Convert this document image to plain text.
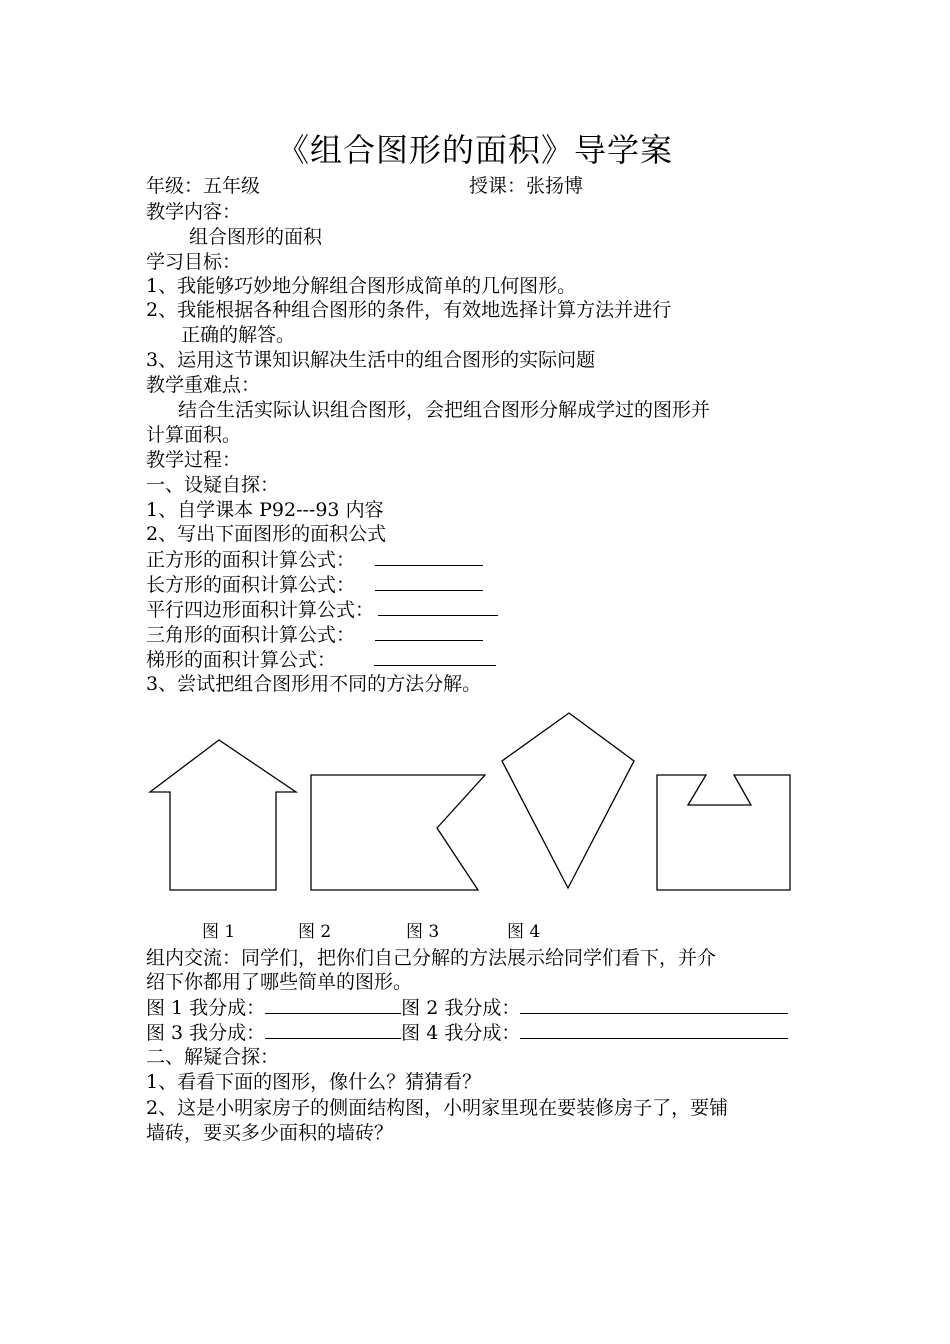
《组合图形的面积》导学案
年级：五年级	授课：张扬博
教学内容：
组合图形的面积
学习目标：
1、我能够巧妙地分解组合图形成简单的几何图形。
2、我能根据各种组合图形的条件，有效地选择计算方法并进行
正确的解答。
3、运用这节课知识解决生活中的组合图形的实际问题
教学重难点：
结合生活实际认识组合图形，会把组合图形分解成学过的图形并
计算面积。
教学过程：
一、设疑自探：
1、自学课本 P92---93 内容
2、写出下面图形的面积公式
正方形的面积计算公式：
长方形的面积计算公式：
平行四边形面积计算公式：
三角形的面积计算公式：
梯形的面积计算公式：
3、尝试把组合图形用不同的方法分解。
图 1	图 2	图 3	图 4
组内交流：同学们，把你们自己分解的方法展示给同学们看下，并介
绍下你都用了哪些简单的图形。
图 1 我分成：	图 2 我分成：
图 3 我分成：	图 4 我分成：
二、解疑合探：
1、看看下面的图形，像什么？猜猜看？
2、这是小明家房子的侧面结构图，小明家里现在要装修房子了，要铺
墙砖，要买多少面积的墙砖？
